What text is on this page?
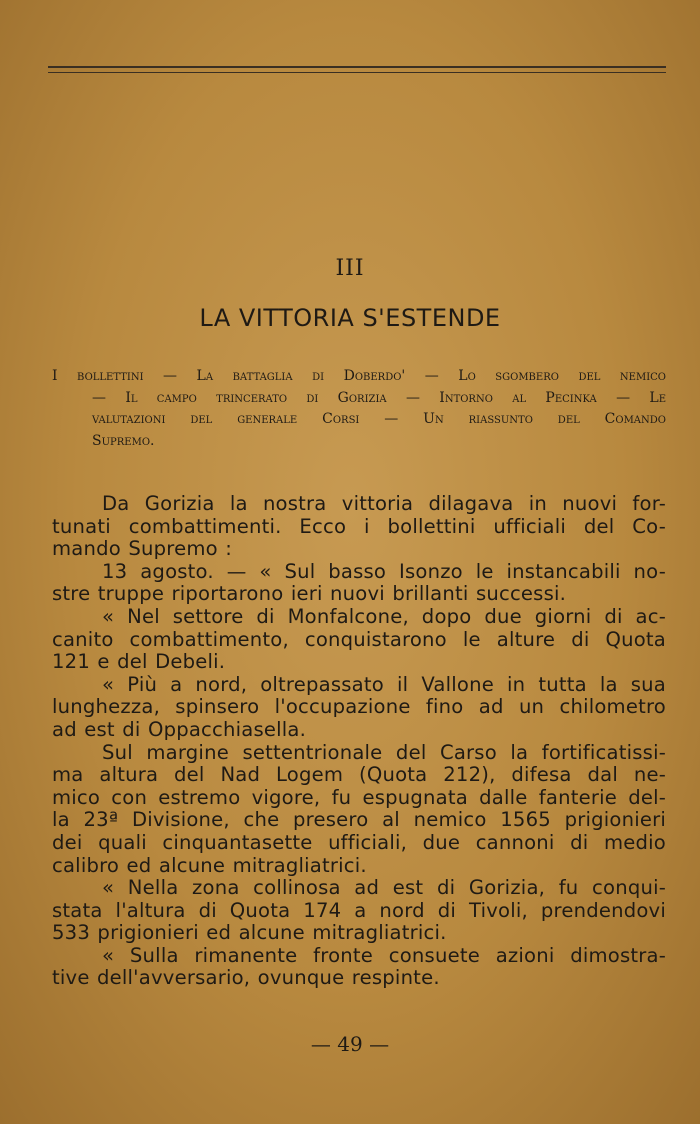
III
LA VITTORIA S'ESTENDE
I bollettini — La battaglia di Doberdo' — Lo sgombero del nemico
— Il campo trincerato di Gorizia — Intorno al Pecinka — Le
valutazioni del generale Corsi — Un riassunto del Comando
Supremo.
Da Gorizia la nostra vittoria dilagava in nuovi for-
tunati combattimenti. Ecco i bollettini ufficiali del Co-
mando Supremo :
13 agosto. — « Sul basso Isonzo le instancabili no-
stre truppe riportarono ieri nuovi brillanti successi.
« Nel settore di Monfalcone, dopo due giorni di ac-
canito combattimento, conquistarono le alture di Quota
121 e del Debeli.
« Più a nord, oltrepassato il Vallone in tutta la sua
lunghezza, spinsero l'occupazione fino ad un chilometro
ad est di Oppacchiasella.
Sul margine settentrionale del Carso la fortificatissi-
ma altura del Nad Logem (Quota 212), difesa dal ne-
mico con estremo vigore, fu espugnata dalle fanterie del-
la 23ª Divisione, che presero al nemico 1565 prigionieri
dei quali cinquantasette ufficiali, due cannoni di medio
calibro ed alcune mitragliatrici.
« Nella zona collinosa ad est di Gorizia, fu conqui-
stata l'altura di Quota 174 a nord di Tivoli, prendendovi
533 prigionieri ed alcune mitragliatrici.
« Sulla rimanente fronte consuete azioni dimostra-
tive dell'avversario, ovunque respinte.
— 49 —
